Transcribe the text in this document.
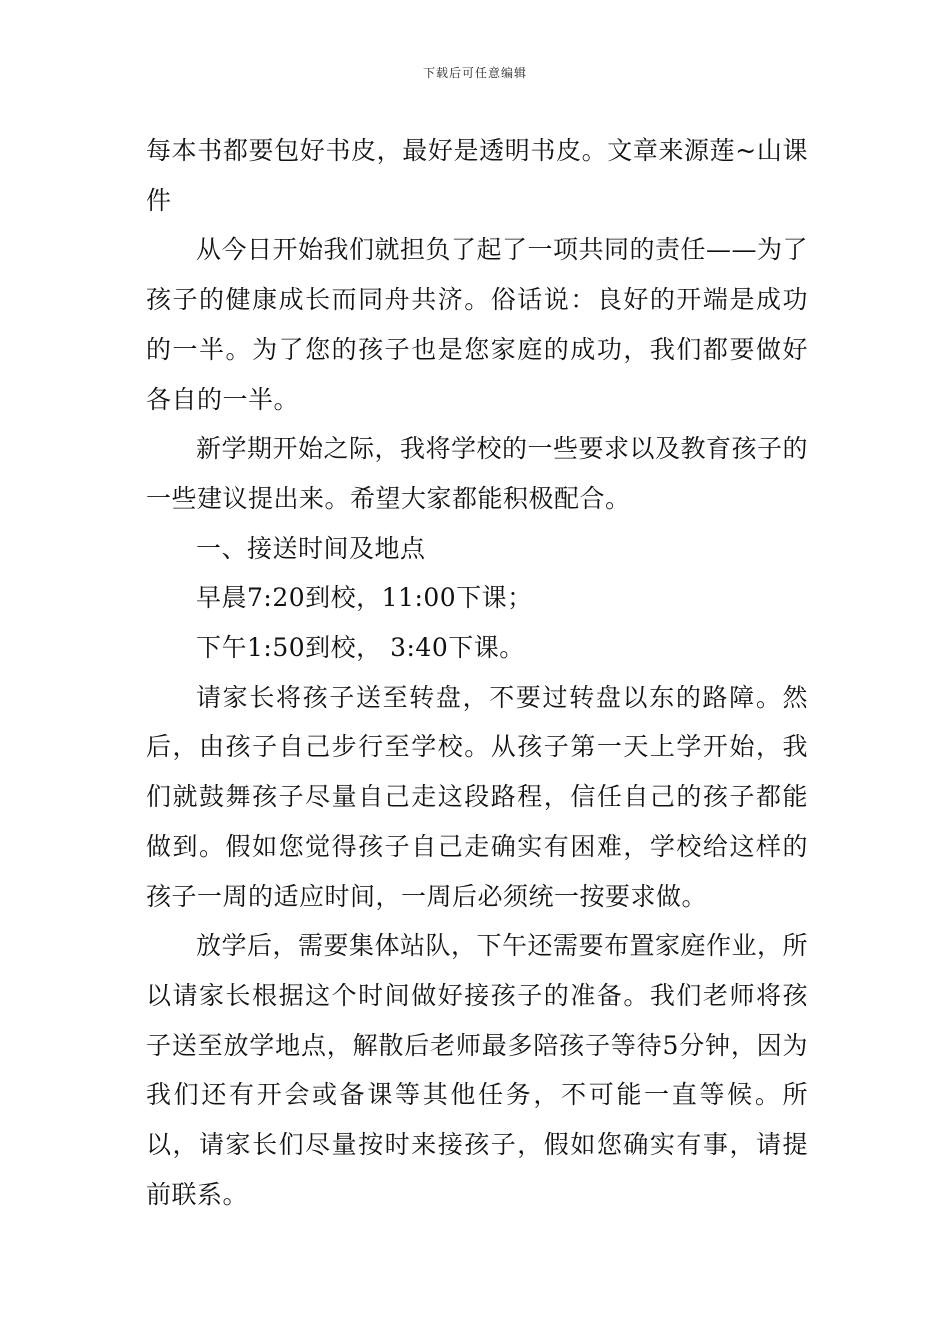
下载后可任意编辑

每本书都要包好书皮，最好是透明书皮。文章来源莲~山课件

从今日开始我们就担负了起了一项共同的责任——为了孩子的健康成长而同舟共济。俗话说：良好的开端是成功的一半。为了您的孩子也是您家庭的成功，我们都要做好各自的一半。

新学期开始之际，我将学校的一些要求以及教育孩子的一些建议提出来。希望大家都能积极配合。

一、接送时间及地点

早晨7:20到校，11:00下课；

下午1:50到校， 3:40下课。

请家长将孩子送至转盘，不要过转盘以东的路障。然后，由孩子自己步行至学校。从孩子第一天上学开始，我们就鼓舞孩子尽量自己走这段路程，信任自己的孩子都能做到。假如您觉得孩子自己走确实有困难，学校给这样的孩子一周的适应时间，一周后必须统一按要求做。

放学后，需要集体站队，下午还需要布置家庭作业，所以请家长根据这个时间做好接孩子的准备。我们老师将孩子送至放学地点，解散后老师最多陪孩子等待5分钟，因为我们还有开会或备课等其他任务，不可能一直等候。所以，请家长们尽量按时来接孩子，假如您确实有事，请提前联系。
